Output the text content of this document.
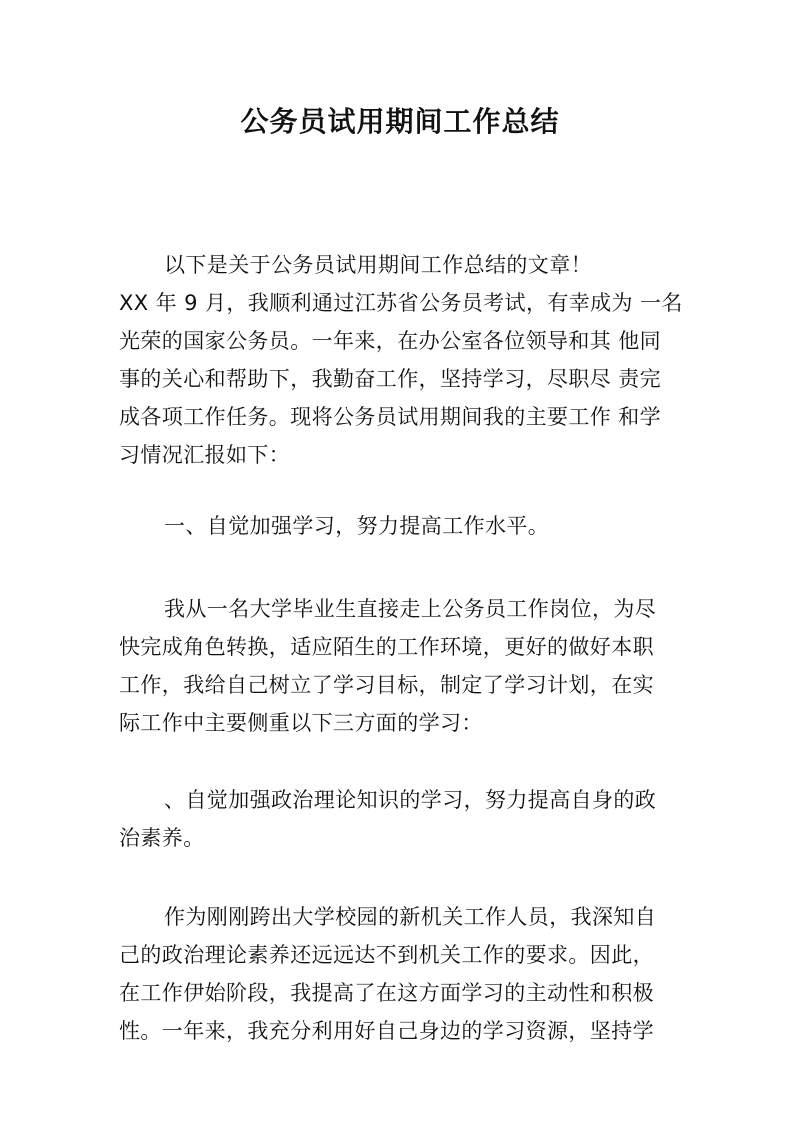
公务员试用期间工作总结
以下是关于公务员试用期间工作总结的文章！
XX 年 9 月，我顺利通过江苏省公务员考试，有幸成为 一名
光荣的国家公务员。一年来，在办公室各位领导和其 他同
事的关心和帮助下，我勤奋工作，坚持学习，尽职尽 责完
成各项工作任务。现将公务员试用期间我的主要工作 和学
习情况汇报如下：
一、自觉加强学习，努力提高工作水平。
我从一名大学毕业生直接走上公务员工作岗位，为尽
快完成角色转换，适应陌生的工作环境，更好的做好本职
工作，我给自己树立了学习目标，制定了学习计划，在实
际工作中主要侧重以下三方面的学习：
、自觉加强政治理论知识的学习，努力提高自身的政
治素养。
作为刚刚跨出大学校园的新机关工作人员，我深知自
己的政治理论素养还远远达不到机关工作的要求。因此，
在工作伊始阶段，我提高了在这方面学习的主动性和积极
性。一年来，我充分利用好自己身边的学习资源，坚持学
